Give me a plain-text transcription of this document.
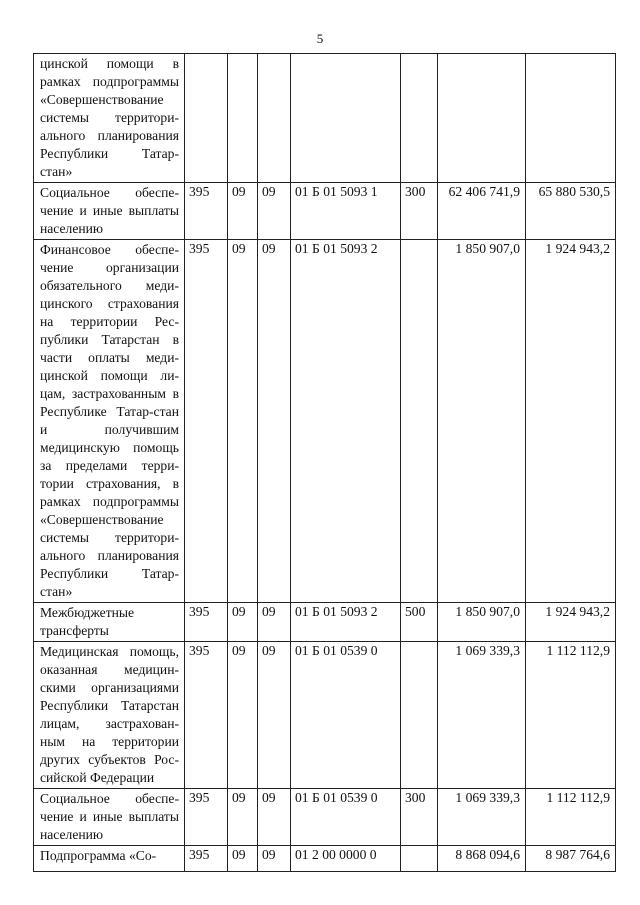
5
цинской помощи в рамках подпрограммы «Совершенствование системы территори-ального планирования Республики Татар-стан»							
Социальное обеспе-чение и иные выплаты населению	395	09	09	01 Б 01 5093 1	300	62 406 741,9	65 880 530,5
Финансовое обеспе-чение организации обязательного меди-цинского страхования на территории Рес-публики Татарстан в части оплаты меди-цинской помощи ли-цам, застрахованным в Республике Татар-стан и получившим медицинскую помощь за пределами терри-тории страхования, в рамках подпрограммы «Совершенствование системы территори-ального планирования Республики Татар-стан»	395	09	09	01 Б 01 5093 2		1 850 907,0	1 924 943,2
Межбюджетные трансферты	395	09	09	01 Б 01 5093 2	500	1 850 907,0	1 924 943,2
Медицинская помощь, оказанная медицин-скими организациями Республики Татарстан лицам, застрахован-ным на территории других субъектов Рос-сийской Федерации	395	09	09	01 Б 01 0539 0		1 069 339,3	1 112 112,9
Социальное обеспе-чение и иные выплаты населению	395	09	09	01 Б 01 0539 0	300	1 069 339,3	1 112 112,9
Подпрограмма «Со-	395	09	09	01 2 00 0000 0		8 868 094,6	8 987 764,6
